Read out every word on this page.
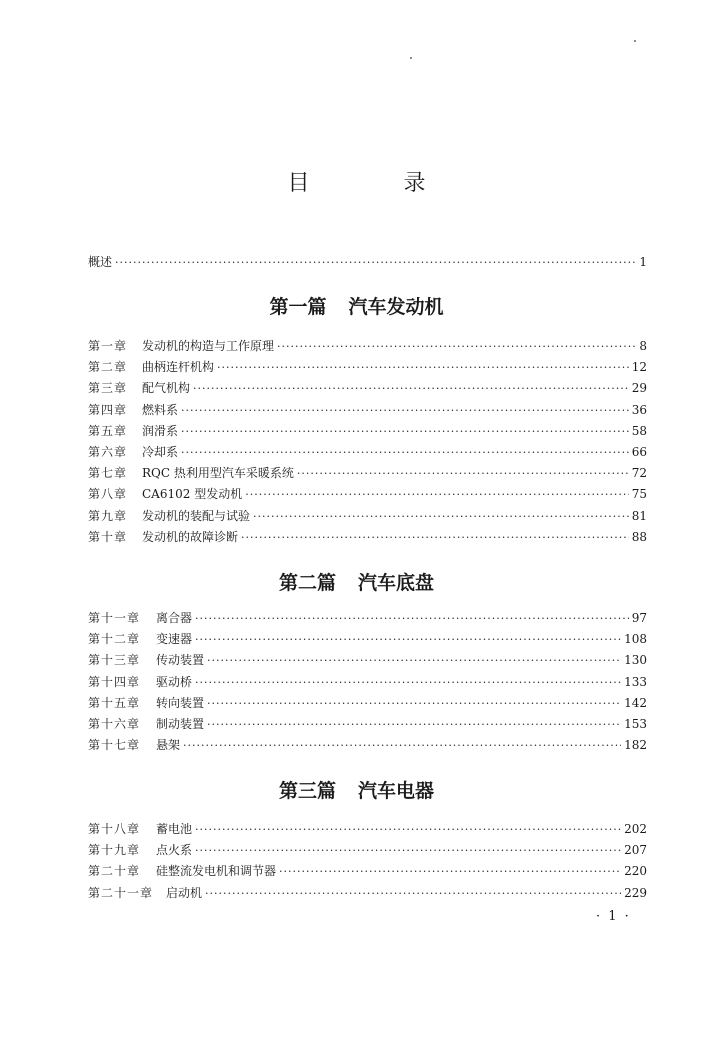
目　录
概述 ·····	1
第一篇 汽车发动机
第一章	发动机的构造与工作原理 ·····	8
第二章	曲柄连杆机构 ·····	12
第三章	配气机构 ·····	29
第四章	燃料系 ·····	36
第五章	润滑系 ·····	58
第六章	冷却系 ·····	66
第七章	RQC 热利用型汽车采暖系统 ·····	72
第八章	CA6102 型发动机 ·····	75
第九章	发动机的装配与试验 ·····	81
第十章	发动机的故障诊断 ·····	88
第二篇 汽车底盘
第十一章	离合器 ·····	97
第十二章	变速器 ·····	108
第十三章	传动装置 ·····	130
第十四章	驱动桥 ·····	133
第十五章	转向装置 ·····	142
第十六章	制动装置 ·····	153
第十七章	悬架 ·····	182
第三篇 汽车电器
第十八章	蓄电池 ·····	202
第十九章	点火系 ·····	207
第二十章	硅整流发电机和调节器 ·····	220
第二十一章	启动机 ·····	229
· 1 ·
